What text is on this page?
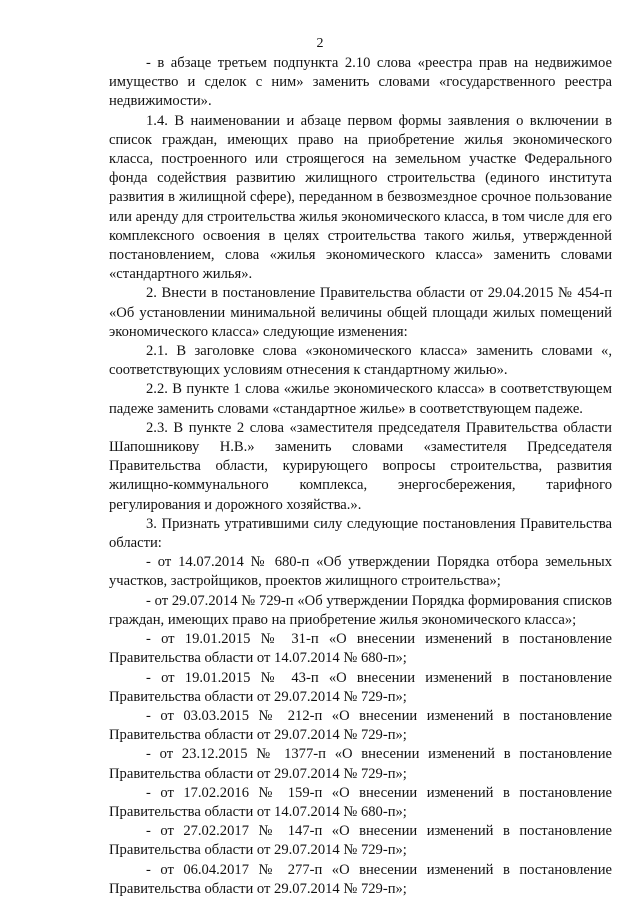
2

- в абзаце третьем подпункта 2.10 слова «реестра прав на недвижимое имущество и сделок с ним» заменить словами «государственного реестра недвижимости».

1.4. В наименовании и абзаце первом формы заявления о включении в список граждан, имеющих право на приобретение жилья экономического класса, построенного или строящегося на земельном участке Федерального фонда содействия развитию жилищного строительства (единого института развития в жилищной сфере), переданном в безвозмездное срочное пользование или аренду для строительства жилья экономического класса, в том числе для его комплексного освоения в целях строительства такого жилья, утвержденной постановлением, слова «жилья экономического класса» заменить словами «стандартного жилья».

2. Внести в постановление Правительства области от 29.04.2015 № 454-п «Об установлении минимальной величины общей площади жилых помещений экономического класса» следующие изменения:

2.1. В заголовке слова «экономического класса» заменить словами «, соответствующих условиям отнесения к стандартному жилью».

2.2. В пункте 1 слова «жилье экономического класса» в соответствующем падеже заменить словами «стандартное жилье» в соответствующем падеже.

2.3. В пункте 2 слова «заместителя председателя Правительства области Шапошникову Н.В.» заменить словами «заместителя Председателя Правительства области, курирующего вопросы строительства, развития жилищно-коммунального комплекса, энергосбережения, тарифного регулирования и дорожного хозяйства.».

3. Признать утратившими силу следующие постановления Правительства области:

- от 14.07.2014 № 680-п «Об утверждении Порядка отбора земельных участков, застройщиков, проектов жилищного строительства»;

- от 29.07.2014 № 729-п «Об утверждении Порядка формирования списков граждан, имеющих право на приобретение жилья экономического класса»;

- от 19.01.2015 № 31-п «О внесении изменений в постановление Правительства области от 14.07.2014 № 680-п»;

- от 19.01.2015 № 43-п «О внесении изменений в постановление Правительства области от 29.07.2014 № 729-п»;

- от 03.03.2015 № 212-п «О внесении изменений в постановление Правительства области от 29.07.2014 № 729-п»;

- от 23.12.2015 № 1377-п «О внесении изменений в постановление Правительства области от 29.07.2014 № 729-п»;

- от 17.02.2016 № 159-п «О внесении изменений в постановление Правительства области от 14.07.2014 № 680-п»;

- от 27.02.2017 № 147-п «О внесении изменений в постановление Правительства области от 29.07.2014 № 729-п»;

- от 06.04.2017 № 277-п «О внесении изменений в постановление Правительства области от 29.07.2014 № 729-п»;
